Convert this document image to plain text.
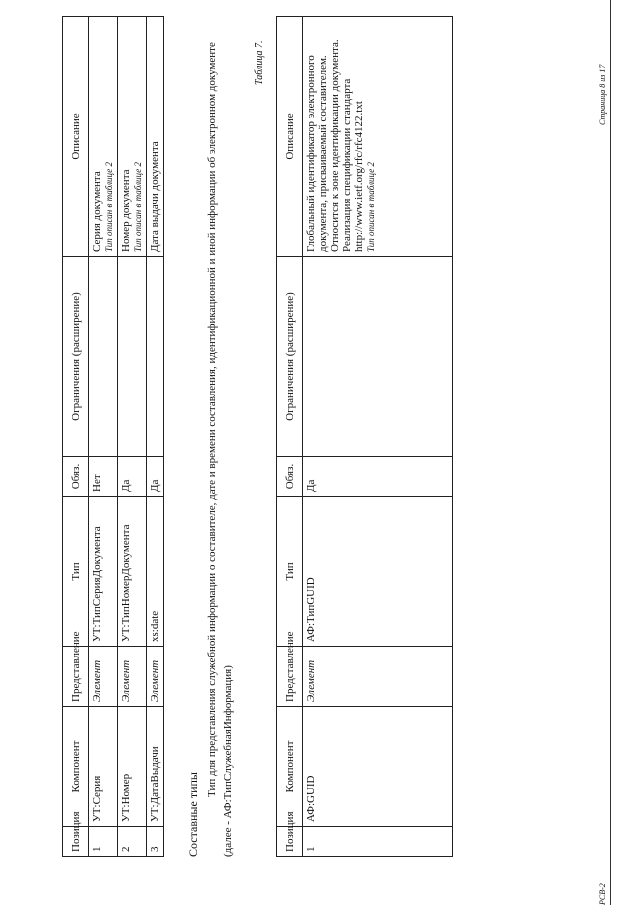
Позиция	Компонент	Представление	Тип	Обяз.	Ограничения (расширение)	Описание
1	УТ:Серия	Элемент	УТ:ТипСерияДокумента	Нет		Серия документа Тип описан в таблице 2

2	УТ:Номер	Элемент	УТ:ТипНомерДокумента	Да		Номер документа Тип описан в таблице 2

3	УТ:ДатаВыдачи	Элемент	xs:date	Да		Дата выдачи документа
Составные типы
Тип для представления служебной информации о составителе, дате и времени составления, идентификационной и иной информации об электронном документе (далее - АФ:ТипСлужебнаяИнформация)
Таблица 7.
Позиция	Компонент	Представление	Тип	Обяз.	Ограничения (расширение)	Описание
1	АФ:GUID	Элемент	АФ:ТипGUID	Да		Глобальный идентификатор электронного документа, присваиваемый составителем. Относится к зоне идентификации документа. Реализация спецификации стандарта http://www.ietf.org/rfc/rfc4122.txt Тип описан в таблице 2
РСВ-2
Страница 8 из 17
